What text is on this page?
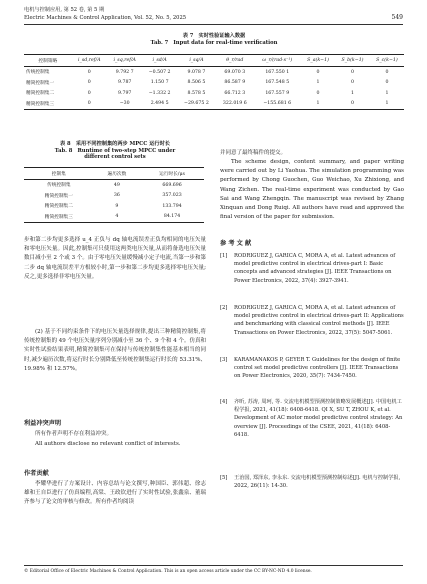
电机与控制应用, 第 52 卷, 第 5 期
Electric Machines & Control Application, Vol. 52, No. 5, 2025	549
表 7　实时性验证输入数据
Tab. 7　Input data for real-time verification
控制策略	i_sd,ref/A	i_sq,ref/A	i_sd/A	i_sq/A	θ_r/rad	ω_r/(rad·s⁻¹)	S_a(k−1)	S_b(k−1)	S_c(k−1)
传统控制集	0	9.792 7	−0.507 2	9.078 7	69.070 3	167.550 1	0	0	0
精简控制集一	0	9.787	1.150 7	8.506 5	86.587 9	167.548 5	1	0	0
精简控制集二	0	9.797	−1.332 2	8.578 5	66.712 3	167.557 9	0	1	1
精简控制集三	0	−30	2.494 5	−29.675 2	322.019 6	−155.681 6	1	0	1
表 8　采用不同控制集的两步 MPCC 运行时长
Tab. 8　Runtime of two-step MPCC under
different control sets
控制集	遍历次数	运行时长/μs
传统控制集	49	669.696
精简控制集一	36	357.023
精简控制集二	9	133.794
精简控制集三	4	84.174
步和第二步均更多选择 u_4 正负与 dq 轴电流误差正负均相同的电压矢量和零电压矢量。因此,控制集可只使用这两类电压矢量,从而将备选电压矢量数目减小至 2 个或 3 个。由于零电压矢量缓慢减小定子电流,当第一步和第二步 dq 轴电流误差平方根较小时,第一步和第二步均更多选择零电压矢量;反之,更多选择非零电压矢量。
(2) 基于不同约束条件下的电压矢量选择规律,提出三种精简控制集,将传统控制集的 49 个电压矢量序列分别减小至 36 个、9 个和 4 个。仿真和实时性试验结果表明,精简控制集可在保持与传统控制集性能基本相当的同时,减少遍历次数,将运行时长分别降低至传统控制集运行时长的 53.31%、19.98% 和 12.57%。
利益冲突声明
所有作者声明不存在利益冲突。
All authors disclose no relevant conflict of interests.
作者贡献
李耀华进行了方案设计、内容总结与论文撰写,种国臣、郭伟超、徐志雄和王自臣进行了仿真编程,高棠、王政钦进行了实时性试验,张鑫泉、董瑞齐参与了论文的审核与修改。所有作者均阅读
并同意了最终稿件的提交。
The scheme design, content summary, and paper writing were carried out by Li Yaohua. The simulation programming was performed by Chong Guochen, Guo Weichao, Xu Zhixiong, and Wang Zichen. The real-time experiment was conducted by Gao Sai and Wang Zhengqin. The manuscript was revised by Zhang Xinquan and Dong Ruiqi. All authors have read and approved the final version of the paper for submission.
参 考 文 献
[1] RODRIGUEZ J, GARICA C, MORA A, et al. Latest advances of model predictive control in electrical drives-part I: Basic concepts and advanced strategies [J]. IEEE Transactions on Power Electronics, 2022, 37(4): 3927-3941.
[2] RODRIGUEZ J, GARICA C, MORA A, et al. Latest advances of model predictive control in electrical drives-part II: Applications and benchmarking with classical control methods [J]. IEEE Transactions on Power Electronics, 2022, 37(5): 5047-5061.
[3] KARAMANAKOS P, GEYER T. Guidelines for the design of finite control set model predictive controllers [J]. IEEE Transactions on Power Electronics, 2020, 35(7): 7434-7450.
[4] 齐昕, 苏涛, 周珂, 等. 交流电机模型预测控制策略发展概述[J]. 中国电机工程学报, 2021, 41(18): 6408-6418. QI X, SU T, ZHOU K, et al. Development of AC motor model predictive control strategy: An overview [J]. Proceedings of the CSEE, 2021, 41(18): 6408-6418.
[5] 王治国, 郑泽东, 李永东. 交流电机模型预测控制综述[J]. 电机与控制学报, 2022, 26(11): 14-30.
© Editorial Office of Electric Machines & Control Application. This is an open access article under the CC BY-NC-ND 4.0 license.
